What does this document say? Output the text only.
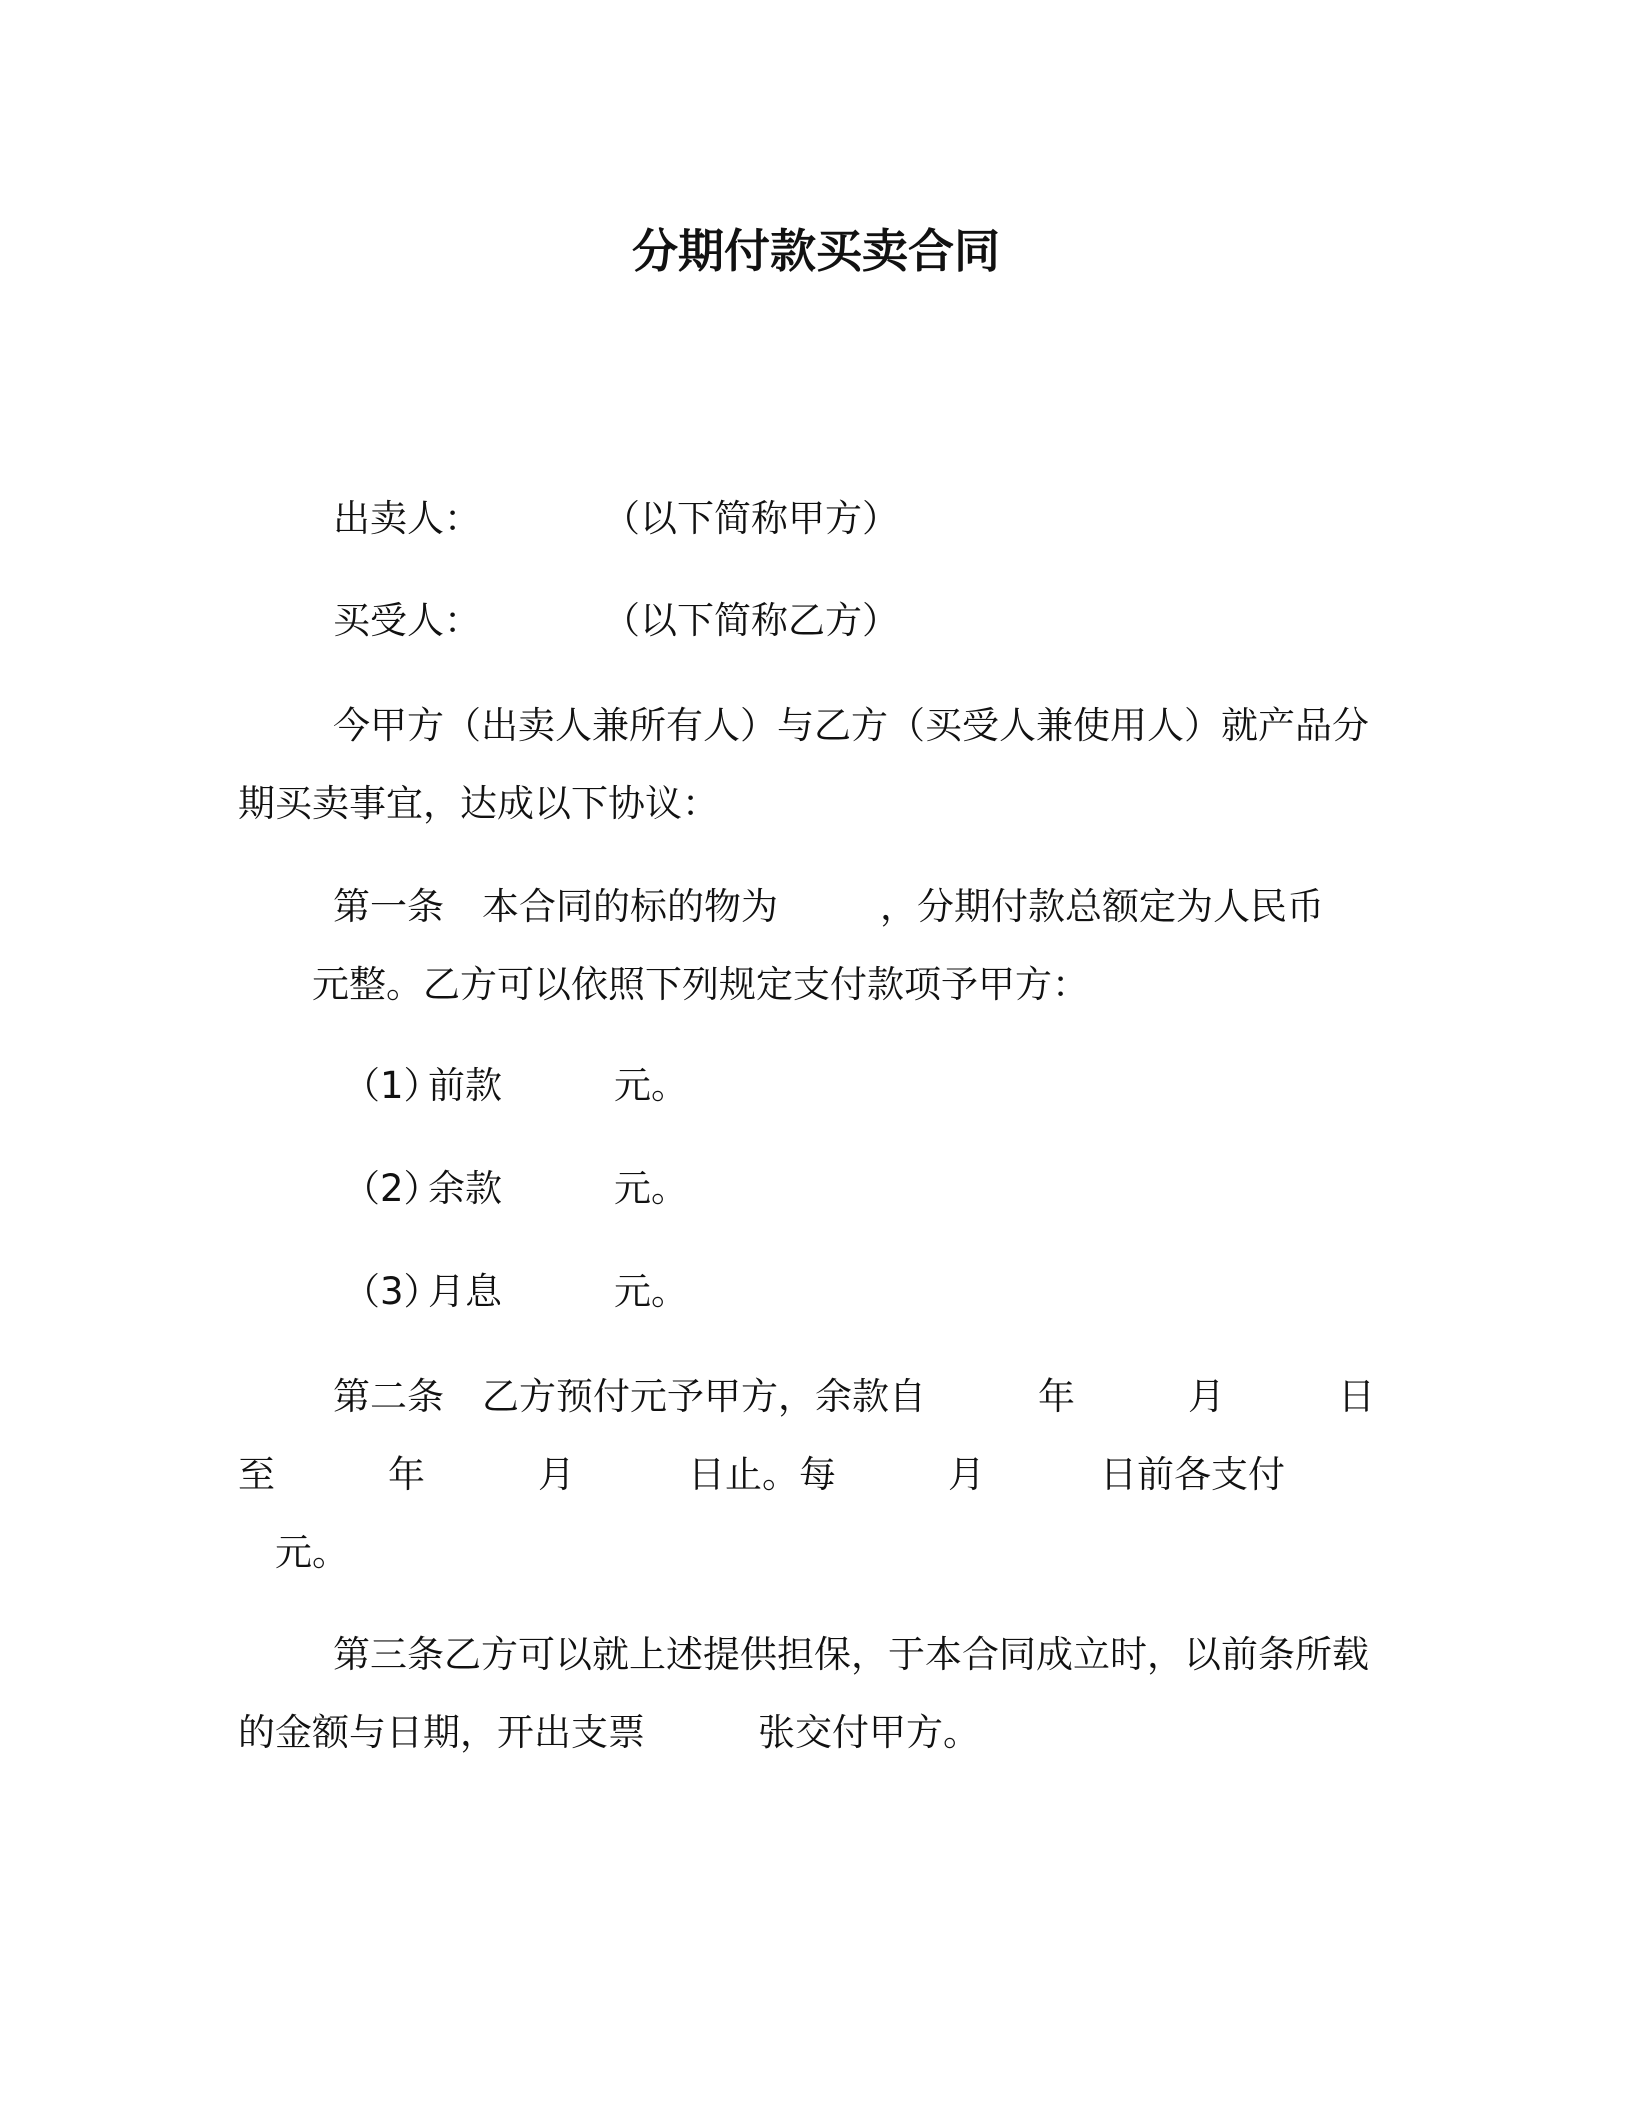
分期付款买卖合同
出卖人：	（以下简称甲方）
买受人：	（以下简称乙方）
今甲方（出卖人兼所有人）与乙方（买受人兼使用人）就产品分
期买卖事宜，达成以下协议：
第一条 本合同的标的物为	，分期付款总额定为人民币
元整。乙方可以依照下列规定支付款项予甲方：
（1）
前款	元。
（2）
余款	元。
（3）
月息	元。
第二条 乙方预付元予甲方，余款自	年	月	日
至	年	月	日止。每	月	日前各支付
元。
第三条乙方可以就上述提供担保，于本合同成立时，以前条所载
的金额与日期，开出支票	张交付甲方。
